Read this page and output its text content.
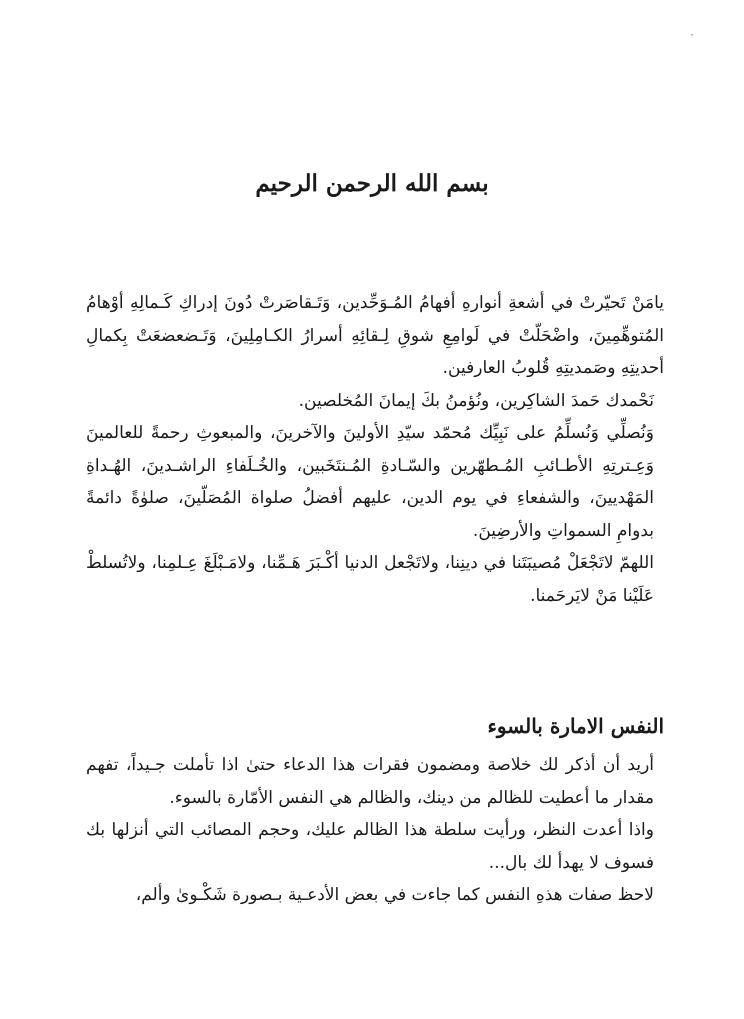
·
بسم الله الرحمن الرحيم

يامَنْ تَحيّرتْ في أشعةِ أنوارهِ أفهامُ المُـوَحِّدين، وَتَـقاصَرتْ دُونَ إدراكِ كَـمالِهِ أوْهامُ المُتوهِّمِينَ، واضْحَلّتْ في لَوامِعِ شوقِ لِـقائِهِ أسرارُ الكـامِلِينَ، وَتَـضعضعَتْ بِكمالِ أحديتِهِ وصَمديتِهِ قُلوبُ العارفين.

نَحْمدك حَمدَ الشاكِرين، ونُؤمنُ بكَ إيمانَ المُخلصين.

وَنُصلِّي وَنُسلِّمُ على نَبِيِّك مُحمّد سيّدِ الأولينَ والآخرينَ، والمبعوثِ رحمةً للعالمينَ وَعِـترتِهِ الأطـائبِ المُـطهّرين والسّـادةِ المُـنتَخَبين، والخُـلَفاءِ الراشـدينَ، الهُـداةِ المَهْديينَ، والشفعاءِ في يوم الدين، عليهم أفضلُ صلواة المُصَلّينَ، صلوٰةً دائمةً بدوامِ السمواتِ والأرضِينَ.

اللهمّ لاتَجْعَلْ مُصيبَتَنا في دينِنا، ولاتَجْعل الدنيا أكْـبَرَ هَـمِّنا، ولامَـبْلَغَ عِـلمِنا، ولاتُسلطْ عَلَيْنا مَنْ لايَرحَمنا.

النفس الامارة بالسوء

أريد أن أذكر لك خلاصة ومضمون فقرات هذا الدعاء حتىٰ اذا تأملت جـيداً، تفهم مقدار ما أعطيت للظالم من دينك، والظالم هي النفس الأمّارة بالسوء.

واذا أعدت النظر، ورأيت سلطة هذا الظالم عليك، وحجم المصائب التي أنزلها بك فسوف لا يهدأ لك بال...

لاحظ صفات هذهِ النفس كما جاءت في بعض الأدعـية بـصورة شَكْـوىٰ وألم،
